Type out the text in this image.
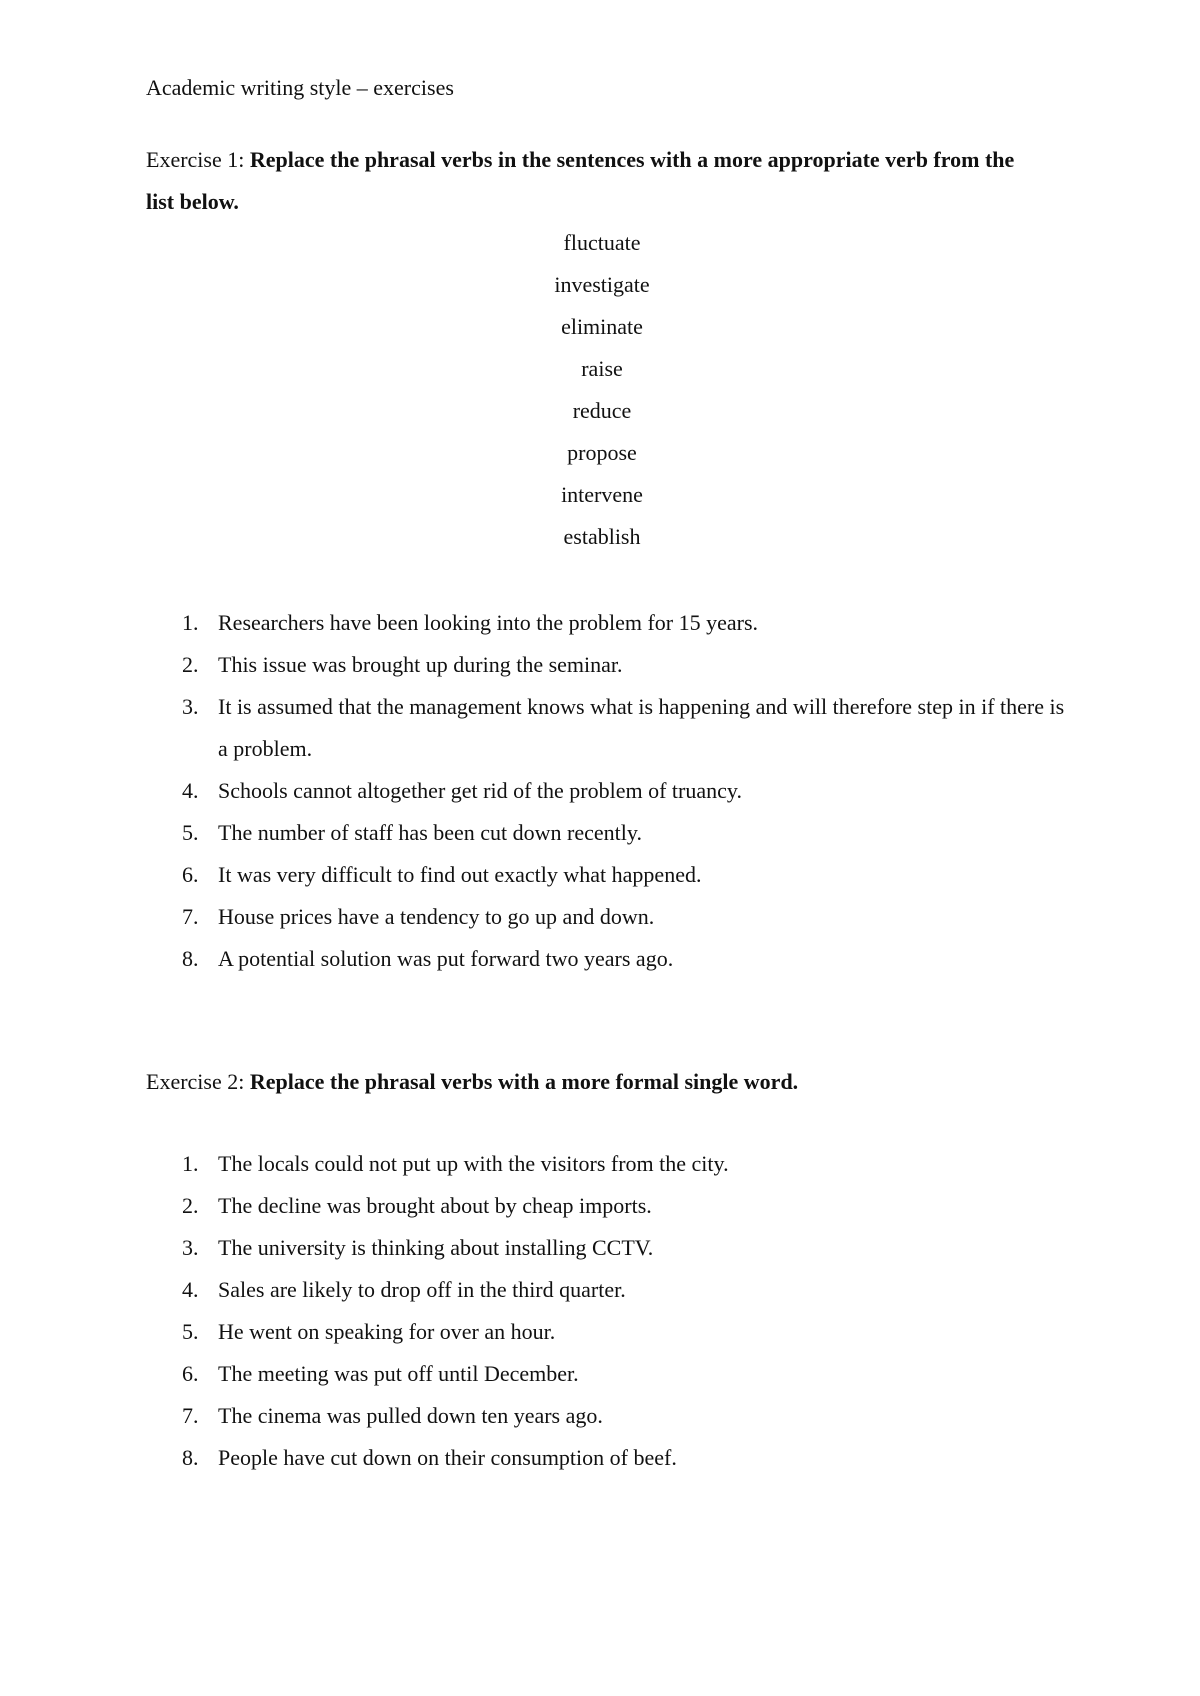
Academic writing style – exercises

Exercise 1: Replace the phrasal verbs in the sentences with a more appropriate verb from the list below.

fluctuate
investigate
eliminate
raise
reduce
propose
intervene
establish
1. Researchers have been looking into the problem for 15 years.
2. This issue was brought up during the seminar.
3. It is assumed that the management knows what is happening and will therefore step in if there is a problem.
4. Schools cannot altogether get rid of the problem of truancy.
5. The number of staff has been cut down recently.
6. It was very difficult to find out exactly what happened.
7. House prices have a tendency to go up and down.
8. A potential solution was put forward two years ago.

Exercise 2: Replace the phrasal verbs with a more formal single word.

1. The locals could not put up with the visitors from the city.
2. The decline was brought about by cheap imports.
3. The university is thinking about installing CCTV.
4. Sales are likely to drop off in the third quarter.
5. He went on speaking for over an hour.
6. The meeting was put off until December.
7. The cinema was pulled down ten years ago.
8. People have cut down on their consumption of beef.
